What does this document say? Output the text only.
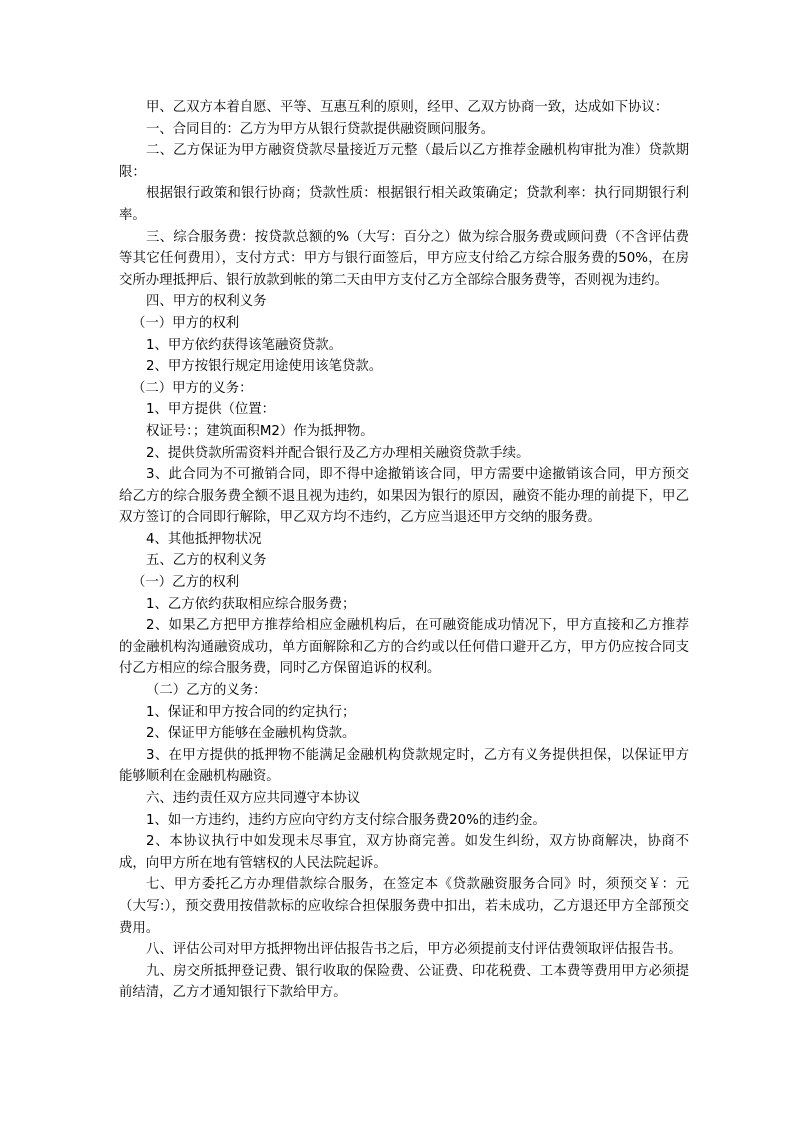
甲、乙双方本着自愿、平等、互惠互利的原则，经甲、乙双方协商一致，达成如下协议：

一、合同目的：乙方为甲方从银行贷款提供融资顾问服务。

二、乙方保证为甲方融资贷款尽量接近万元整（最后以乙方推荐金融机构审批为准）贷款期限：

根据银行政策和银行协商；贷款性质：根据银行相关政策确定；贷款利率：执行同期银行利率。

三、综合服务费：按贷款总额的%（大写：百分之）做为综合服务费或顾问费（不含评估费等其它任何费用），支付方式：甲方与银行面签后，甲方应支付给乙方综合服务费的50%，在房交所办理抵押后、银行放款到帐的第二天由甲方支付乙方全部综合服务费等，否则视为违约。

四、甲方的权利义务

（一）甲方的权利

1、甲方依约获得该笔融资贷款。

2、甲方按银行规定用途使用该笔贷款。

（二）甲方的义务：

1、甲方提供（位置：

权证号：；建筑面积M2）作为抵押物。

2、提供贷款所需资料并配合银行及乙方办理相关融资贷款手续。

3、此合同为不可撤销合同，即不得中途撤销该合同，甲方需要中途撤销该合同，甲方预交给乙方的综合服务费全额不退且视为违约，如果因为银行的原因，融资不能办理的前提下，甲乙双方签订的合同即行解除，甲乙双方均不违约，乙方应当退还甲方交纳的服务费。

4、其他抵押物状况

五、乙方的权利义务

（一）乙方的权利

1、乙方依约获取相应综合服务费；

2、如果乙方把甲方推荐给相应金融机构后，在可融资能成功情况下，甲方直接和乙方推荐的金融机构沟通融资成功，单方面解除和乙方的合约或以任何借口避开乙方，甲方仍应按合同支付乙方相应的综合服务费，同时乙方保留追诉的权利。

（二）乙方的义务：

1、保证和甲方按合同的约定执行；

2、保证甲方能够在金融机构贷款。

3、在甲方提供的抵押物不能满足金融机构贷款规定时，乙方有义务提供担保，以保证甲方能够顺利在金融机构融资。

六、违约责任双方应共同遵守本协议

1、如一方违约，违约方应向守约方支付综合服务费20%的违约金。

2、本协议执行中如发现未尽事宜，双方协商完善。如发生纠纷，双方协商解决，协商不成，向甲方所在地有管辖权的人民法院起诉。

七、甲方委托乙方办理借款综合服务，在签定本《贷款融资服务合同》时，须预交￥：元（大写:），预交费用按借款标的应收综合担保服务费中扣出，若未成功，乙方退还甲方全部预交费用。

八、评估公司对甲方抵押物出评估报告书之后，甲方必须提前支付评估费领取评估报告书。

九、房交所抵押登记费、银行收取的保险费、公证费、印花税费、工本费等费用甲方必须提前结清，乙方才通知银行下款给甲方。
